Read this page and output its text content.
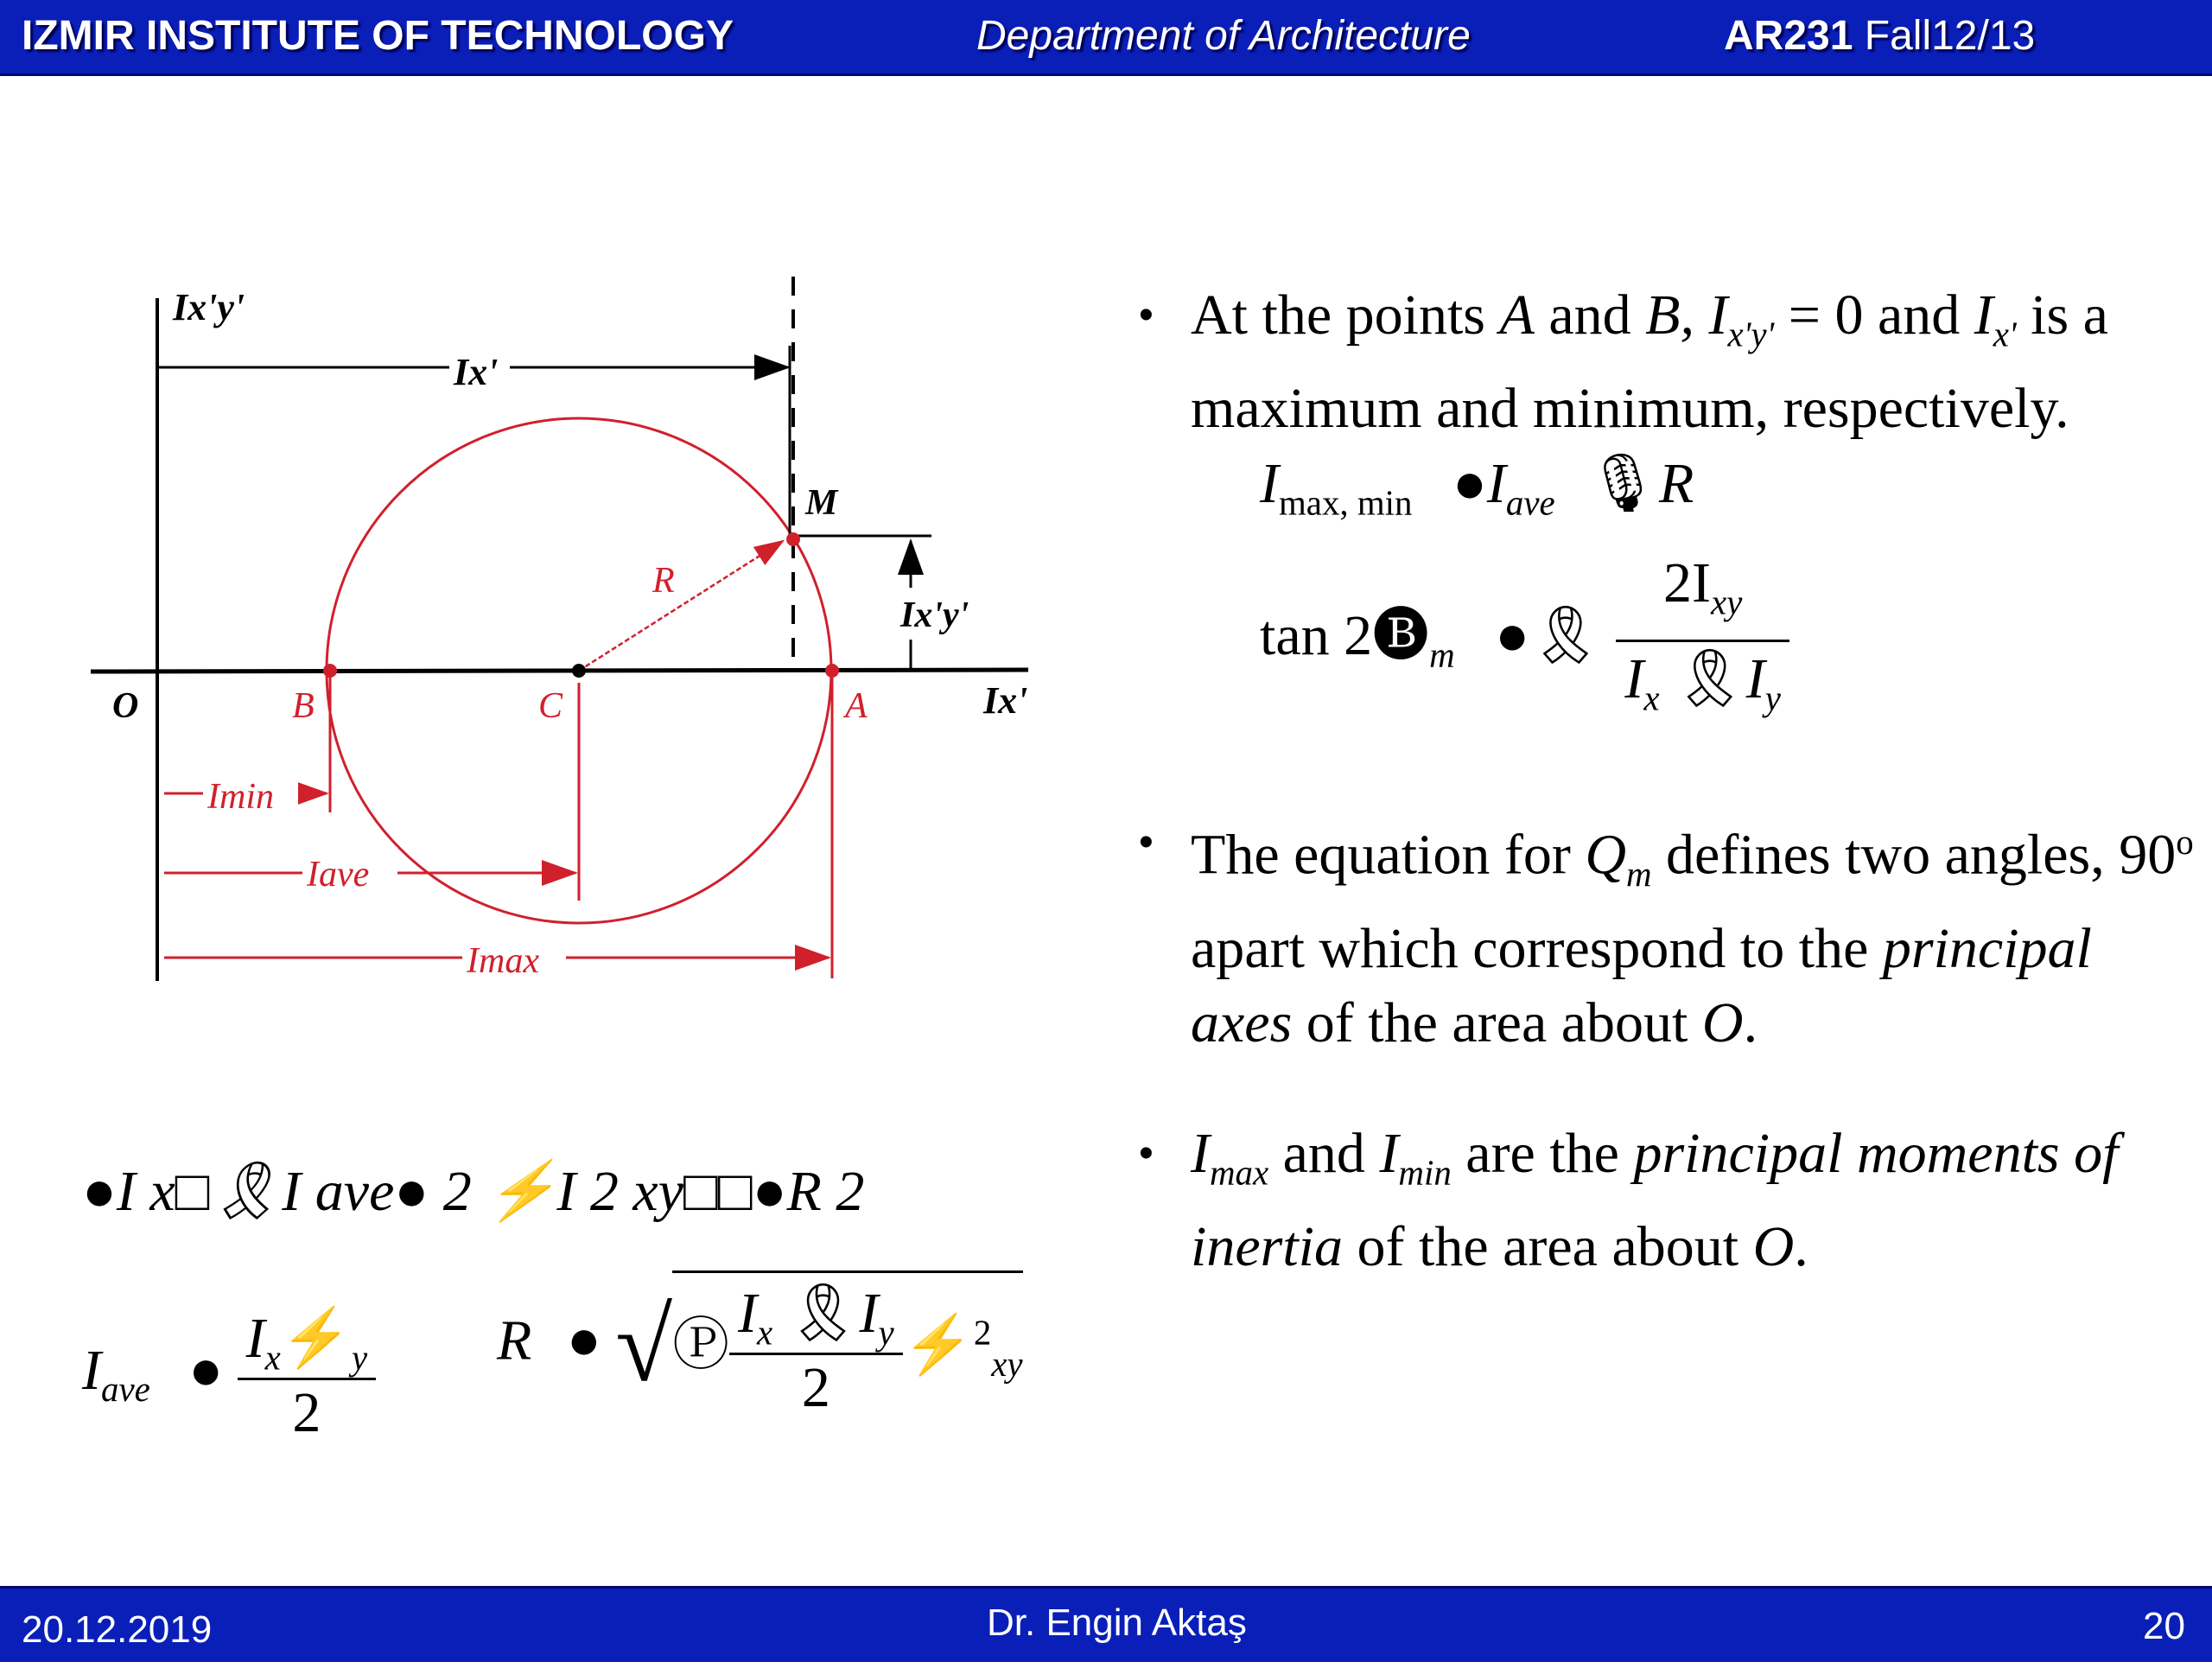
IZMIR INSTITUTE OF TECHNOLOGY	Department of Architecture	AR231 Fall12/13
Ix'y'
Ix'
M
R
Ix'y'
O	B	C	A	Ix'
Imin
Iave
Imax
• At the points A and B, $I_{x'y'} = 0$ and $I_{x'}$ is a maximum and minimum, respectively.
$I_{max, min}$ $●I_{ave}$ 🎙R
$\tan 2🅑_m$ ●🎗 $\frac{2I_{xy}}{I_x 🎗I_y}$
• The equation for $Q_m$ defines two angles, 90$^o$ apart which correspond to the principal axes of the area about O.
• $I_{max}$ and $I_{min}$ are the principal moments of inertia of the area about O.
●I x□🎗I ave● 2 ⚡I 2 xy□□●R 2
$I_{ave}$ ● $\frac{I_x⚡_y}{2}$ R ● √Ⓟ $\frac{I_x 🎗I_y}{2}$ ⚡$^2_{xy}$
20.12.2019	Dr. Engin Aktaş	20
